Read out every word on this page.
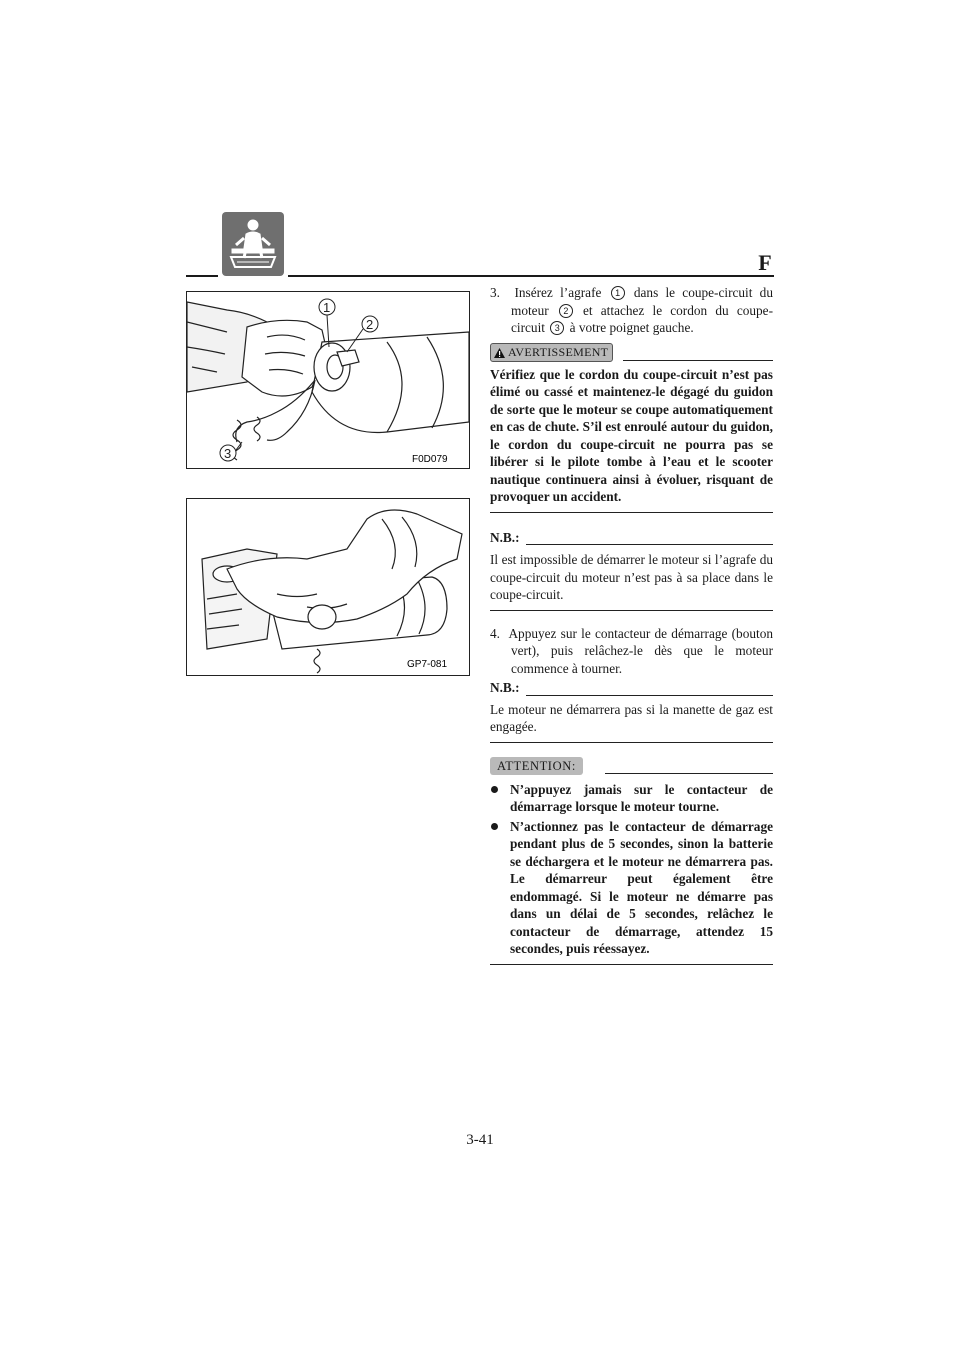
F
1
2
3	F0D079
GP7-081

3. Insérez l’agrafe 1 dans le coupe-circuit du moteur 2 et attachez le cordon du coupe-circuit 3 à votre poignet gauche.

AVERTISSEMENT

Vérifiez que le cordon du coupe-circuit n’est pas élimé ou cassé et maintenez-le dégagé du guidon de sorte que le moteur se coupe automatiquement en cas de chute. S’il est enroulé autour du guidon, le cordon du coupe-circuit ne pourra pas se libérer si le pilote tombe à l’eau et le scooter nautique continuera ainsi à évoluer, risquant de provoquer un accident.

N.B.:

Il est impossible de démarrer le moteur si l’agrafe du coupe-circuit du moteur n’est pas à sa place dans le coupe-circuit.

4. Appuyez sur le contacteur de démarrage (bouton vert), puis relâchez-le dès que le moteur commence à tourner.

N.B.:

Le moteur ne démarrera pas si la manette de gaz est engagée.

ATTENTION:
N’appuyez jamais sur le contacteur de démarrage lorsque le moteur tourne.
N’actionnez pas le contacteur de démarrage pendant plus de 5 secondes, sinon la batterie se déchargera et le moteur ne démarrera pas. Le démarreur peut également être endommagé. Si le moteur ne démarre pas dans un délai de 5 secondes, relâchez le contacteur de démarrage, attendez 15 secondes, puis réessayez.
3-41
